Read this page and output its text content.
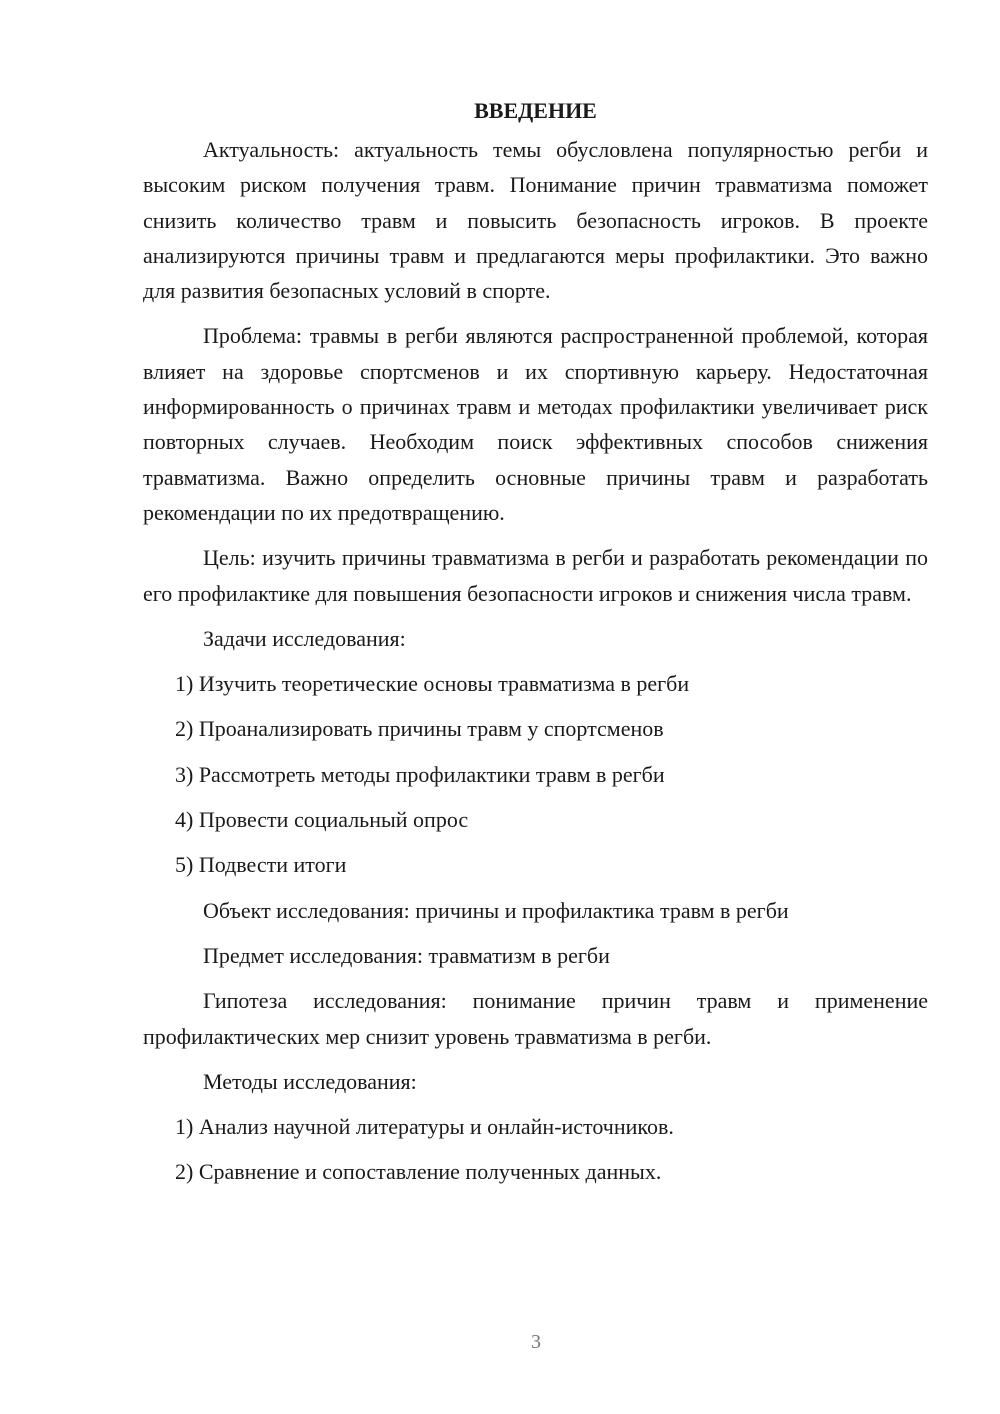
ВВЕДЕНИЕ

Актуальность: актуальность темы обусловлена популярностью регби и высоким риском получения травм. Понимание причин травматизма поможет снизить количество травм и повысить безопасность игроков. В проекте анализируются причины травм и предлагаются меры профилактики. Это важно для развития безопасных условий в спорте.

Проблема: травмы в регби являются распространенной проблемой, которая влияет на здоровье спортсменов и их спортивную карьеру. Недостаточная информированность о причинах травм и методах профилактики увеличивает риск повторных случаев. Необходим поиск эффективных способов снижения травматизма. Важно определить основные причины травм и разработать рекомендации по их предотвращению.

Цель: изучить причины травматизма в регби и разработать рекомендации по его профилактике для повышения безопасности игроков и снижения числа травм.

Задачи исследования:
1) Изучить теоретические основы травматизма в регби
2) Проанализировать причины травм у спортсменов
3) Рассмотреть методы профилактики травм в регби
4) Провести социальный опрос
5) Подвести итоги
Объект исследования: причины и профилактика травм в регби
Предмет исследования: травматизм в регби

Гипотеза исследования: понимание причин травм и применение профилактических мер снизит уровень травматизма в регби.

Методы исследования:
1) Анализ научной литературы и онлайн-источников.
2) Сравнение и сопоставление полученных данных.
3
